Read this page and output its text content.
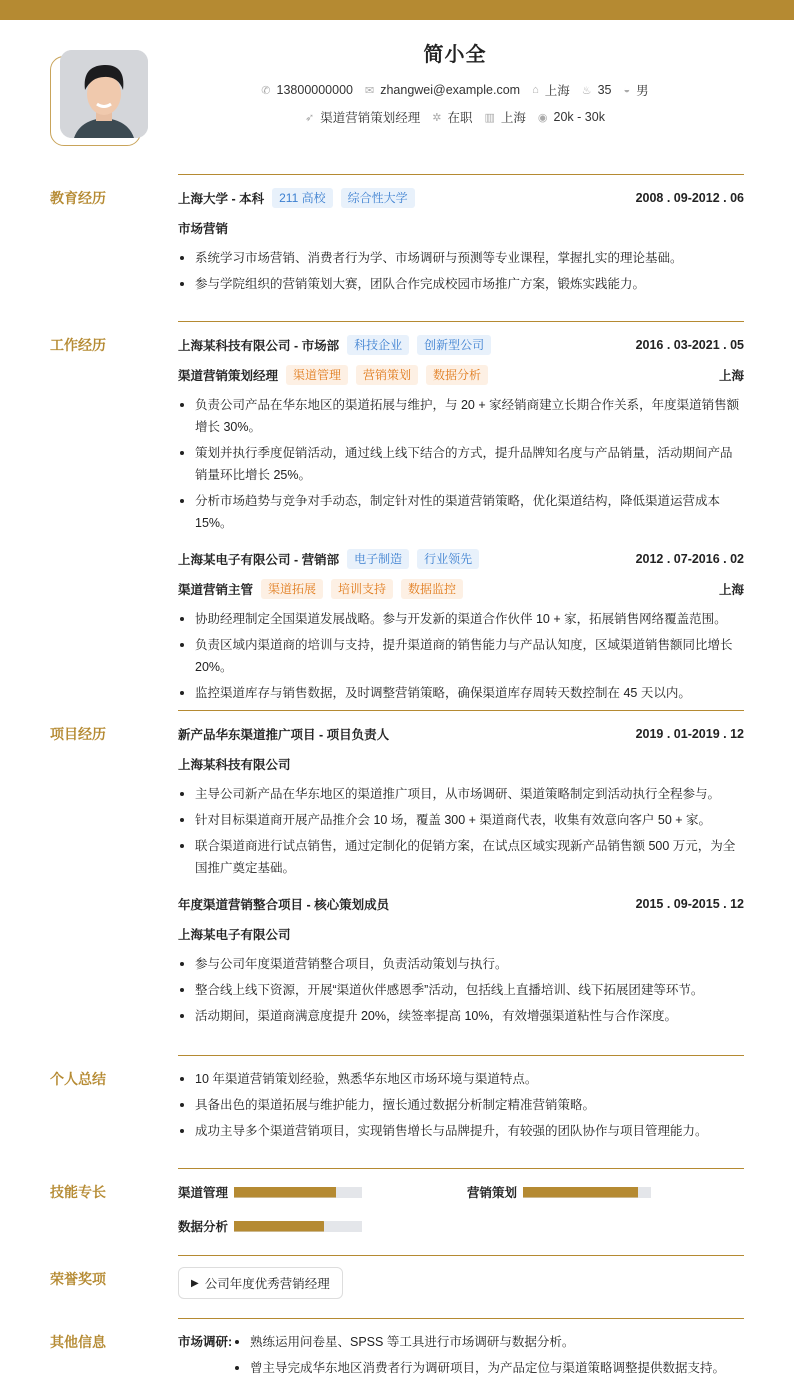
简小全
✆ 13800000000 ✉ zhangwei@example.com ⌂ 上海 ♨ 35 ◒ 男
➶ 渠道营销策划经理 ✲ 在职 ▥ 上海 ◉ 20k - 30k
教育经历	上海大学 - 本科	211 高校	综合性大学	2008 . 09-2012 . 06
市场营销
系统学习市场营销、消费者行为学、市场调研与预测等专业课程，掌握扎实的理论基础。
参与学院组织的营销策划大赛，团队合作完成校园市场推广方案，锻炼实践能力。
工作经历	上海某科技有限公司 - 市场部	科技企业	创新型公司	2016 . 03-2021 . 05
渠道营销策划经理	渠道管理	营销策划	数据分析	上海
负责公司产品在华东地区的渠道拓展与维护，与 20 + 家经销商建立长期合作关系，年度渠道销售额增长 30%。
策划并执行季度促销活动，通过线上线下结合的方式，提升品牌知名度与产品销量，活动期间产品销量环比增长 25%。
分析市场趋势与竞争对手动态，制定针对性的渠道营销策略，优化渠道结构，降低渠道运营成本 15%。
上海某电子有限公司 - 营销部	电子制造	行业领先	2012 . 07-2016 . 02
渠道营销主管	渠道拓展	培训支持	数据监控	上海
协助经理制定全国渠道发展战略。参与开发新的渠道合作伙伴 10 + 家，拓展销售网络覆盖范围。
负责区域内渠道商的培训与支持，提升渠道商的销售能力与产品认知度，区域渠道销售额同比增长 20%。
监控渠道库存与销售数据，及时调整营销策略，确保渠道库存周转天数控制在 45 天以内。
项目经历	新产品华东渠道推广项目 - 项目负责人	2019 . 01-2019 . 12
上海某科技有限公司
主导公司新产品在华东地区的渠道推广项目，从市场调研、渠道策略制定到活动执行全程参与。
针对目标渠道商开展产品推介会 10 场，覆盖 300 + 渠道商代表，收集有效意向客户 50 + 家。
联合渠道商进行试点销售，通过定制化的促销方案，在试点区域实现新产品销售额 500 万元，为全国推广奠定基础。
年度渠道营销整合项目 - 核心策划成员	2015 . 09-2015 . 12
上海某电子有限公司
参与公司年度渠道营销整合项目，负责活动策划与执行。
整合线上线下资源，开展“渠道伙伴感恩季”活动，包括线上直播培训、线下拓展团建等环节。
活动期间，渠道商满意度提升 20%，续签率提高 10%，有效增强渠道粘性与合作深度。
个人总结	10 年渠道营销策划经验，熟悉华东地区市场环境与渠道特点。
具备出色的渠道拓展与维护能力，擅长通过数据分析制定精准营销策略。
成功主导多个渠道营销项目，实现销售增长与品牌提升，有较强的团队协作与项目管理能力。
技能专长	渠道管理	营销策划
数据分析
荣誉奖项	▶ 公司年度优秀营销经理
其他信息	市场调研:	熟练运用问卷星、SPSS 等工具进行市场调研与数据分析。
曾主导完成华东地区消费者行为调研项目，为产品定位与渠道策略调整提供数据支持。
